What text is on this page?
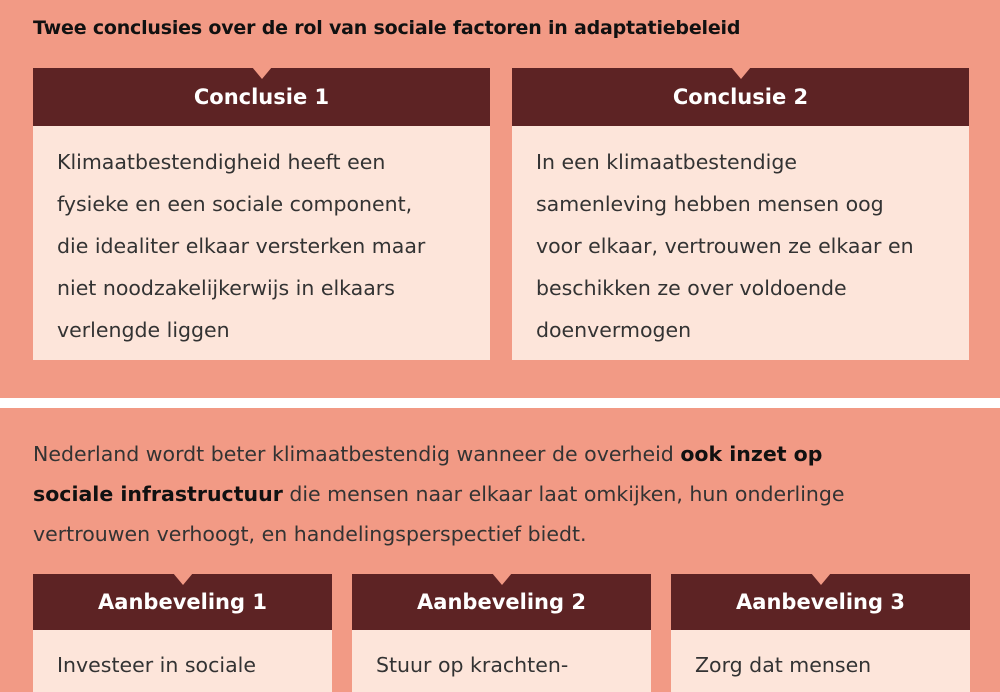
Twee conclusies over de rol van sociale factoren in adaptatiebeleid
Conclusie 1
Klimaatbestendigheid heeft een
fysieke en een sociale component,
die idealiter elkaar versterken maar
niet noodzakelijkerwijs in elkaars
verlengde liggen
Conclusie 2
In een klimaatbestendige
samenleving hebben mensen oog
voor elkaar, vertrouwen ze elkaar en
beschikken ze over voldoende
doenvermogen
Nederland wordt beter klimaatbestendig wanneer de overheid ook inzet op
sociale infrastructuur die mensen naar elkaar laat omkijken, hun onderlinge
vertrouwen verhoogt, en handelingsperspectief biedt.
Aanbeveling 1
Investeer in sociale
Aanbeveling 2
Stuur op krachten-
Aanbeveling 3
Zorg dat mensen
